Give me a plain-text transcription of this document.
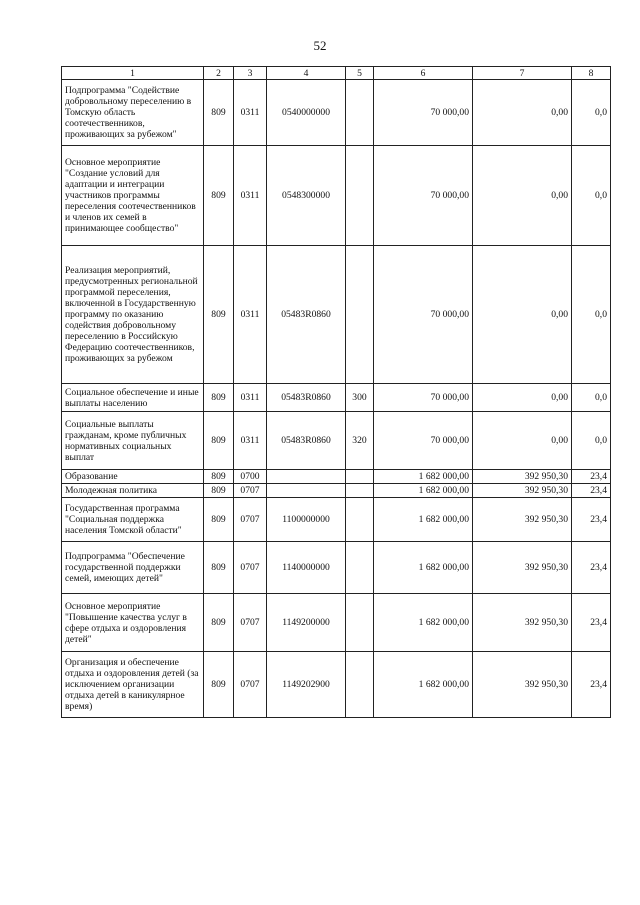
52
1	2	3	4	5	6	7	8
Подпрограмма "Содействие добровольному переселению в Томскую область соотечественников, проживающих за рубежом"	809	0311	0540000000		70 000,00	0,00	0,0
Основное мероприятие "Создание условий для адаптации и интеграции участников программы переселения соотечественников и членов их семей в принимающее сообщество"	809	0311	0548300000		70 000,00	0,00	0,0
Реализация мероприятий, предусмотренных региональной программой переселения, включенной в Государственную программу по оказанию содействия добровольному переселению в Российскую Федерацию соотечественников, проживающих за рубежом	809	0311	05483R0860		70 000,00	0,00	0,0
Социальное обеспечение и иные выплаты населению	809	0311	05483R0860	300	70 000,00	0,00	0,0
Социальные выплаты гражданам, кроме публичных нормативных социальных выплат	809	0311	05483R0860	320	70 000,00	0,00	0,0
Образование	809	0700			1 682 000,00	392 950,30	23,4
Молодежная политика	809	0707			1 682 000,00	392 950,30	23,4
Государственная программа "Социальная поддержка населения Томской области"	809	0707	1100000000		1 682 000,00	392 950,30	23,4
Подпрограмма "Обеспечение государственной поддержки семей, имеющих детей"	809	0707	1140000000		1 682 000,00	392 950,30	23,4
Основное мероприятие "Повышение качества услуг в сфере отдыха и оздоровления детей"	809	0707	1149200000		1 682 000,00	392 950,30	23,4
Организация и обеспечение отдыха и оздоровления детей (за исключением организации отдыха детей в каникулярное время)	809	0707	1149202900		1 682 000,00	392 950,30	23,4
